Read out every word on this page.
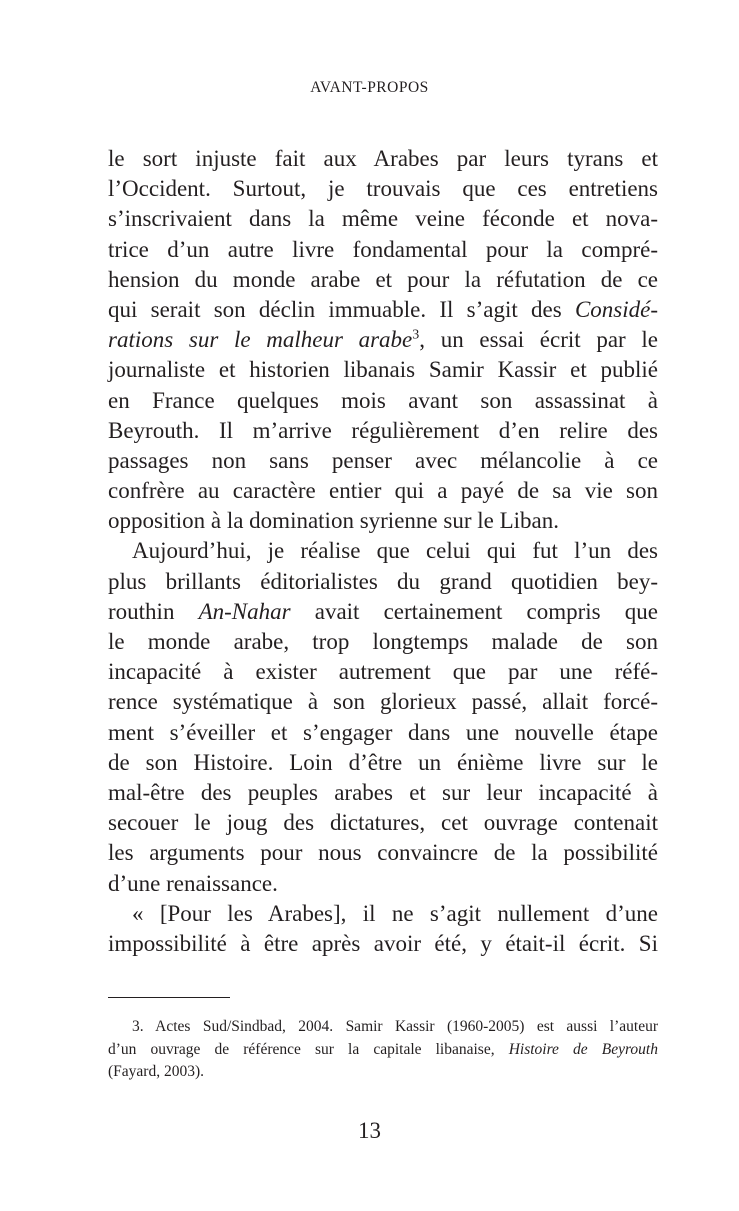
AVANT-PROPOS
le sort injuste fait aux Arabes par leurs tyrans et
l’Occident. Surtout, je trouvais que ces entretiens
s’inscrivaient dans la même veine féconde et nova-
trice d’un autre livre fondamental pour la compré-
hension du monde arabe et pour la réfutation de ce
qui serait son déclin immuable. Il s’agit des Considé-
rations sur le malheur arabe$^3$, un essai écrit par le
journaliste et historien libanais Samir Kassir et publié
en France quelques mois avant son assassinat à
Beyrouth. Il m’arrive régulièrement d’en relire des
passages non sans penser avec mélancolie à ce
confrère au caractère entier qui a payé de sa vie son
opposition à la domination syrienne sur le Liban.
Aujourd’hui, je réalise que celui qui fut l’un des
plus brillants éditorialistes du grand quotidien bey-
routhin An-Nahar avait certainement compris que
le monde arabe, trop longtemps malade de son
incapacité à exister autrement que par une réfé-
rence systématique à son glorieux passé, allait forcé-
ment s’éveiller et s’engager dans une nouvelle étape
de son Histoire. Loin d’être un énième livre sur le
mal-être des peuples arabes et sur leur incapacité à
secouer le joug des dictatures, cet ouvrage contenait
les arguments pour nous convaincre de la possibilité
d’une renaissance.
« [Pour les Arabes], il ne s’agit nullement d’une
impossibilité à être après avoir été, y était-il écrit. Si
3. Actes Sud/Sindbad, 2004. Samir Kassir (1960-2005) est aussi l’auteur
d’un ouvrage de référence sur la capitale libanaise, Histoire de Beyrouth
(Fayard, 2003).
13
